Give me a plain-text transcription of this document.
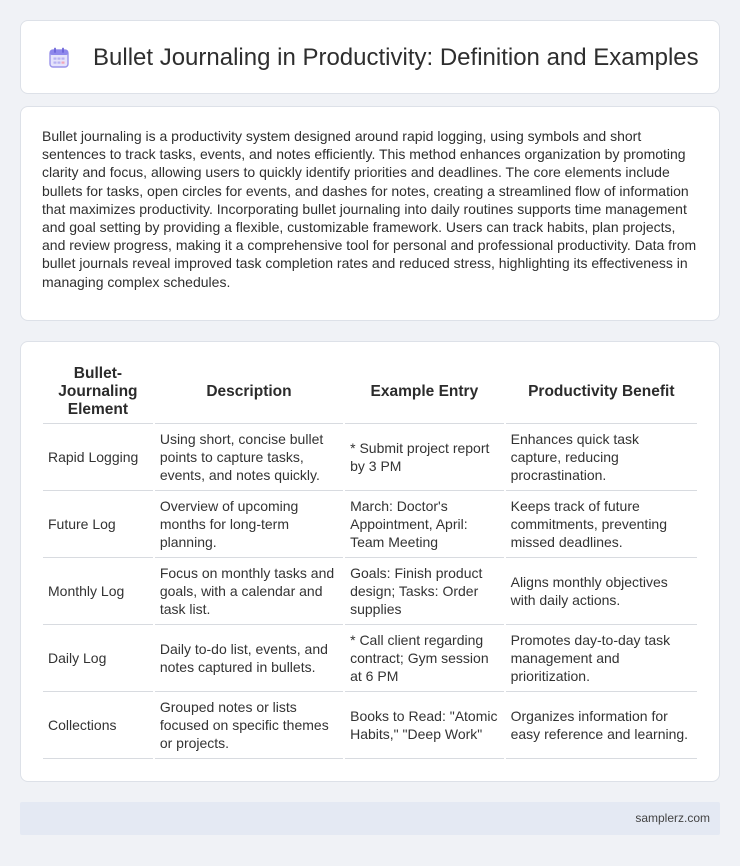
Bullet Journaling in Productivity: Definition and Examples

Bullet journaling is a productivity system designed around rapid logging, using symbols and short sentences to track tasks, events, and notes efficiently. This method enhances organization by promoting clarity and focus, allowing users to quickly identify priorities and deadlines. The core elements include bullets for tasks, open circles for events, and dashes for notes, creating a streamlined flow of information that maximizes productivity. Incorporating bullet journaling into daily routines supports time management and goal setting by providing a flexible, customizable framework. Users can track habits, plan projects, and review progress, making it a comprehensive tool for personal and professional productivity. Data from bullet journals reveal improved task completion rates and reduced stress, highlighting its effectiveness in managing complex schedules.

Bullet-Journaling Element	Description	Example Entry	Productivity Benefit
Rapid Logging	Using short, concise bullet points to capture tasks, events, and notes quickly.	* Submit project report by 3 PM	Enhances quick task capture, reducing procrastination.
Future Log	Overview of upcoming months for long-term planning.	March: Doctor's Appointment, April: Team Meeting	Keeps track of future commitments, preventing missed deadlines.
Monthly Log	Focus on monthly tasks and goals, with a calendar and task list.	Goals: Finish product design; Tasks: Order supplies	Aligns monthly objectives with daily actions.
Daily Log	Daily to-do list, events, and notes captured in bullets.	* Call client regarding contract; Gym session at 6 PM	Promotes day-to-day task management and prioritization.
Collections	Grouped notes or lists focused on specific themes or projects.	Books to Read: "Atomic Habits," "Deep Work"	Organizes information for easy reference and learning.
samplerz.com
